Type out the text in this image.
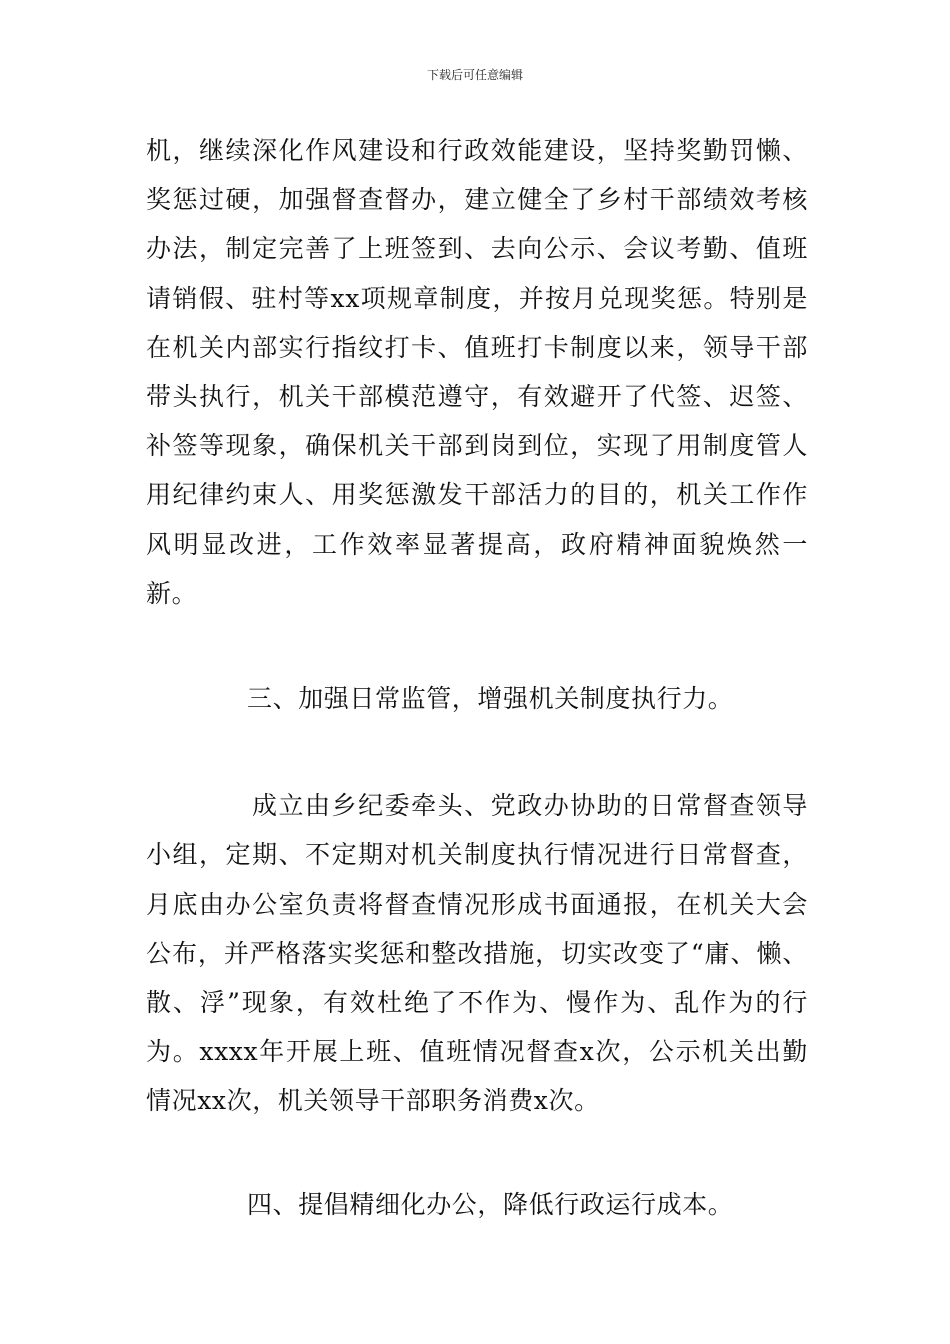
下载后可任意编辑

机，继续深化作风建设和行政效能建设，坚持奖勤罚懒、奖惩过硬，加强督查督办，建立健全了乡村干部绩效考核办法，制定完善了上班签到、去向公示、会议考勤、值班请销假、驻村等xx项规章制度，并按月兑现奖惩。特别是在机关内部实行指纹打卡、值班打卡制度以来，领导干部带头执行，机关干部模范遵守，有效避开了代签、迟签、补签等现象，确保机关干部到岗到位，实现了用制度管人用纪律约束人、用奖惩激发干部活力的目的，机关工作作风明显改进，工作效率显著提高，政府精神面貌焕然一新。

三、加强日常监管，增强机关制度执行力。

成立由乡纪委牵头、党政办协助的日常督查领导小组，定期、不定期对机关制度执行情况进行日常督查，月底由办公室负责将督查情况形成书面通报，在机关大会公布，并严格落实奖惩和整改措施，切实改变了“庸、懒、散、浮”现象，有效杜绝了不作为、慢作为、乱作为的行为。xxxx年开展上班、值班情况督查x次，公示机关出勤情况xx次，机关领导干部职务消费x次。

四、提倡精细化办公，降低行政运行成本。
